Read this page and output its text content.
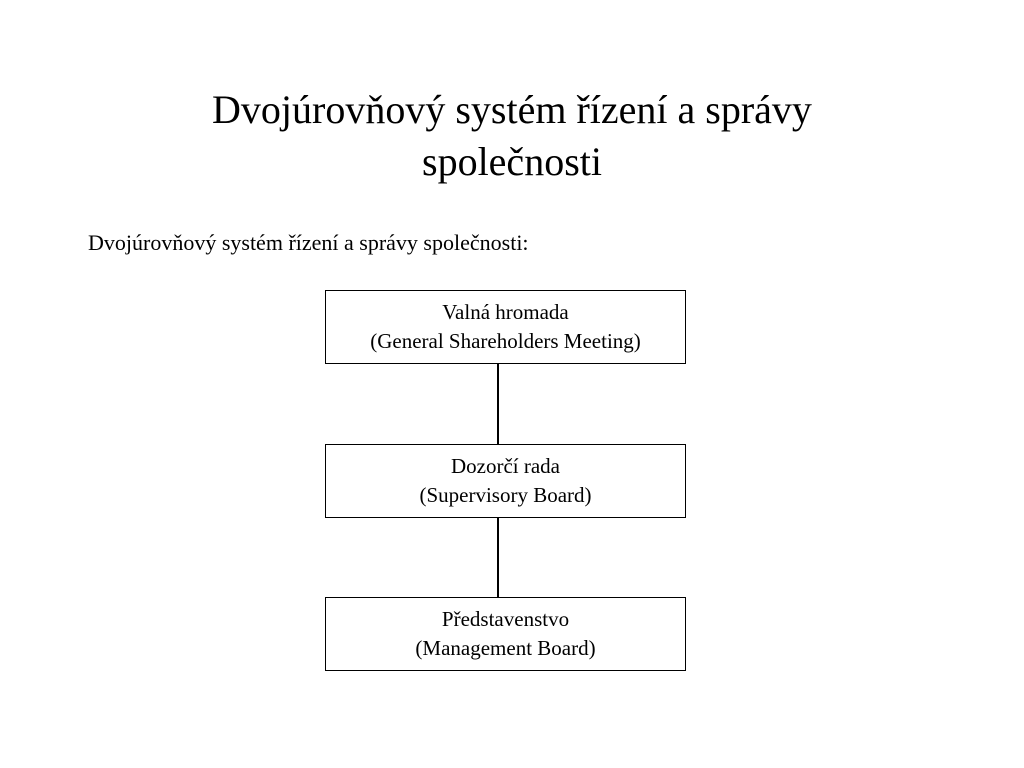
Dvojúrovňový systém řízení a správy
společnosti
Dvojúrovňový systém řízení a správy společnosti:
Valná hromada
(General Shareholders Meeting)
Dozorčí rada
(Supervisory Board)
Představenstvo
(Management Board)
